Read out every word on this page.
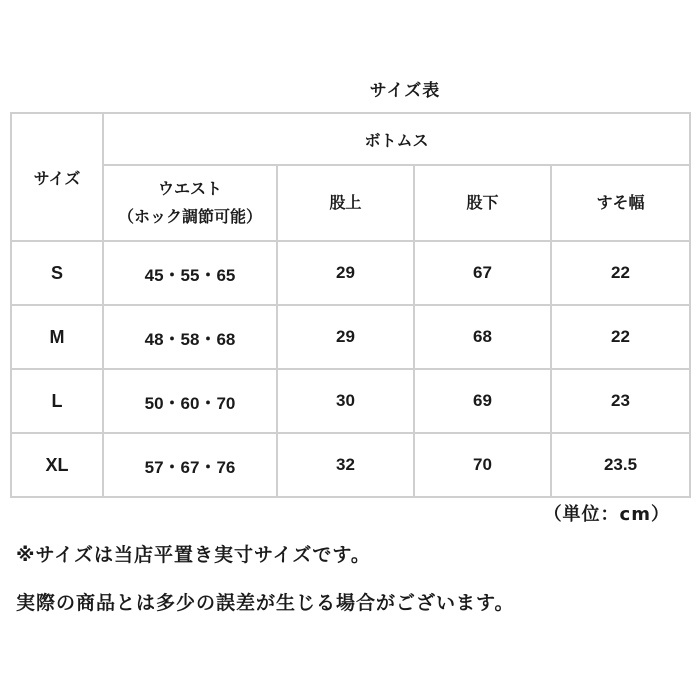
サイズ表
サイズ	ボトムス			
	ウエスト
（ホック調節可能）	股上	股下	すそ幅
S	45・55・65	29	67	22
M	48・58・68	29	68	22
L	50・60・70	30	69	23
XL	57・67・76	32	70	23.5
（単位：cm）
※サイズは当店平置き実寸サイズです。
実際の商品とは多少の誤差が生じる場合がございます。
